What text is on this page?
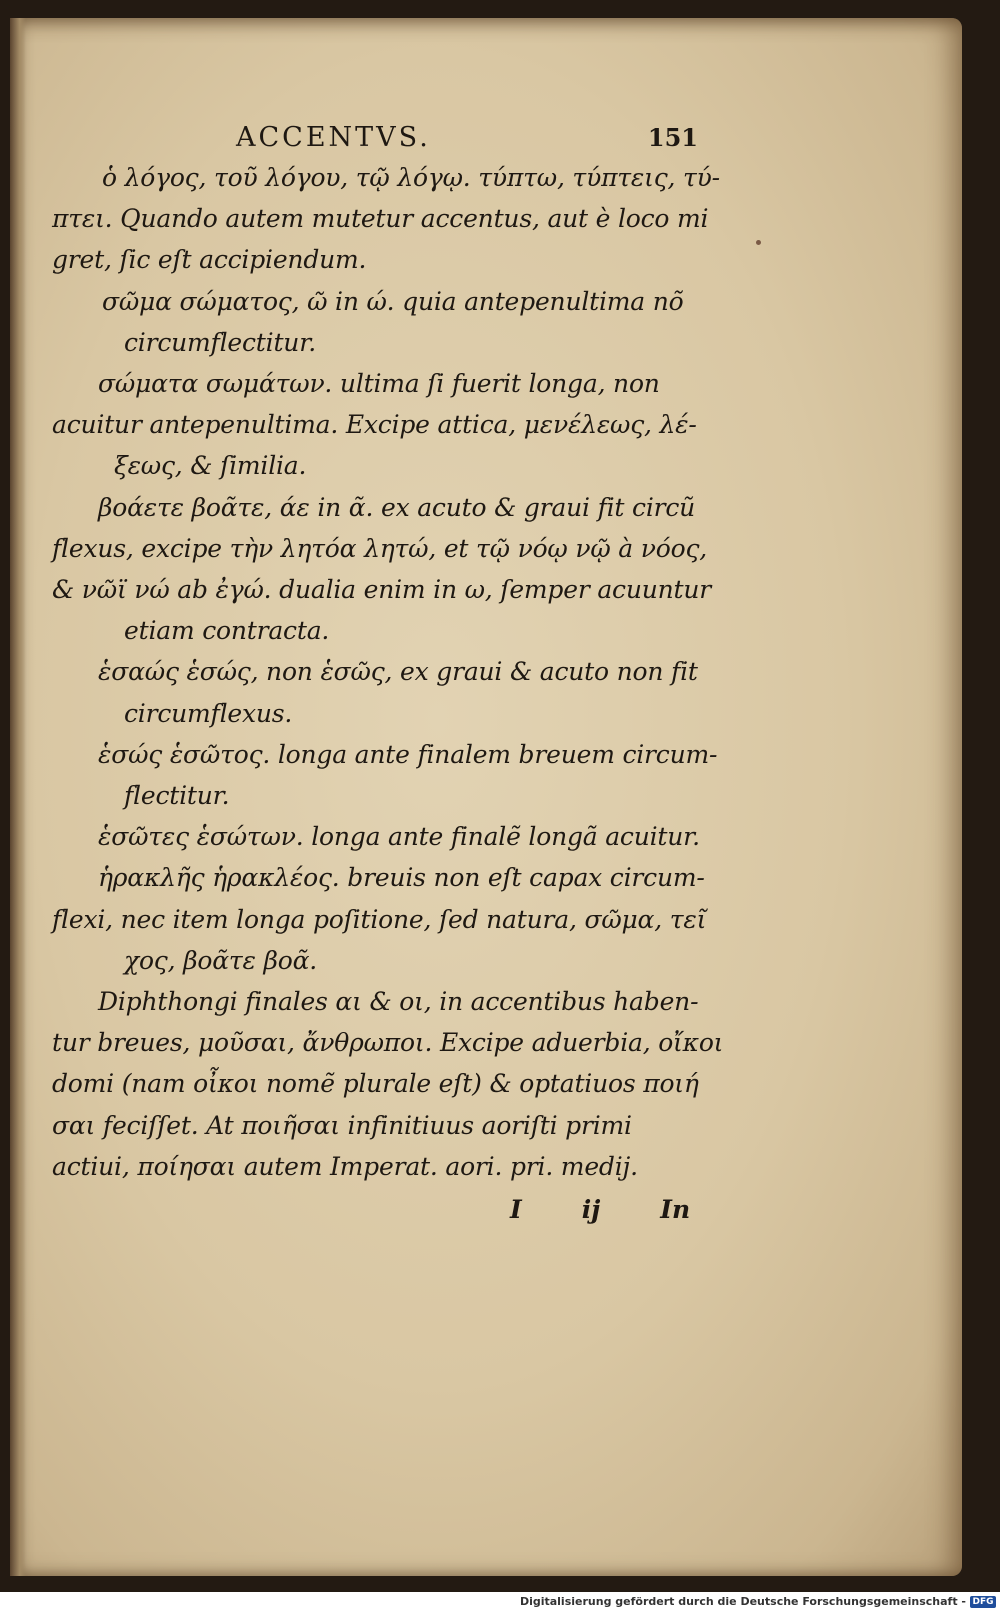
ACCENTVS.	151
ὁ λόγος, τοῦ λόγου, τῷ λόγῳ. τύπτω, τύπτεις, τύ-
πτει. Quando autem mutetur accentus, aut è loco mi
gret, ſic eſt accipiendum.
σῶμα σώματος, ῶ in ώ. quia antepenultima nõ
circumflectitur.
σώματα σωμάτων. ultima ſi fuerit longa, non
acuitur antepenultima. Excipe attica, μενέλεως, λέ-
ξεως, & ſimilia.
βοάετε βοᾶτε, άε in ᾶ. ex acuto & graui fit circũ
flexus, excipe τὴν λητόα λητώ, et τῷ νόῳ νῷ à νόος,
& νῶϊ νώ ab ἐγώ. dualia enim in ω, ſemper acuuntur
etiam contracta.
ἑσαώς ἑσώς, non ἑσῶς, ex graui & acuto non fit
circumflexus.
ἑσώς ἑσῶτος. longa ante finalem breuem circum-
flectitur.
ἑσῶτες ἑσώτων. longa ante finalẽ longã acuitur.
ἡρακλῆς ἡρακλέος. breuis non eſt capax circum-
flexi, nec item longa poſitione, ſed natura, σῶμα, τεῖ
χος, βοᾶτε βοᾶ.
Diphthongi finales αι & οι, in accentibus haben-
tur breues, μοῦσαι, ἄνθρωποι. Excipe aduerbia, οἴκοι
domi (nam οἶκοι nomẽ plurale eſt) & optatiuos ποιή
σαι feciſſet. At ποιῆσαι infinitiuus aoriſti primi
actiui, ποίησαι autem Imperat. aori. pri. medij.
I ij In
Digitalisierung gefördert durch die Deutsche Forschungsgemeinschaft - DFG
